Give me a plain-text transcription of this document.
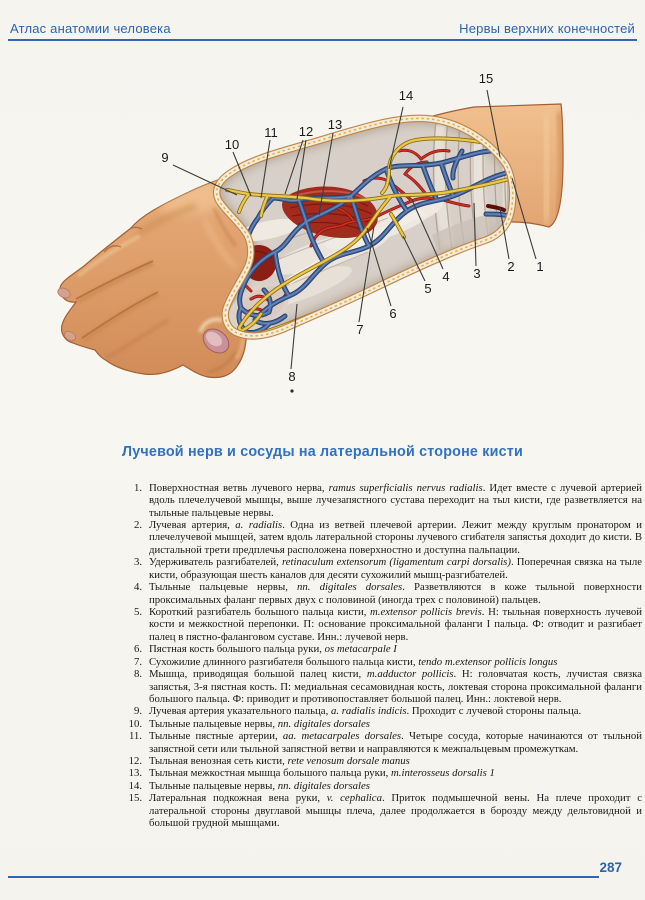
Атлас анатомии человека	Нервы верхних конечностей
1
2
3
4
5
6
7
8
9
10
11 12 13
14
15
Лучевой нерв и сосуды на латеральной стороне кисти
1. Поверхностная ветвь лучевого нерва, ramus superficialis nervus radialis. Идет вместе с лучевой артерией вдоль плечелучевой мышцы, выше лучезапястного сустава переходит на тыл кисти, где разветвляется на тыльные пальцевые нервы.
2. Лучевая артерия, a. radialis. Одна из ветвей плечевой артерии. Лежит между круглым пронатором и плечелучевой мышцей, затем вдоль латеральной стороны лучевого сгибателя запястья доходит до кисти. В дистальной трети предплечья расположена поверхностно и доступна пальпации.
3. Удерживатель разгибателей, retinaculum extensorum (ligamentum carpi dorsalis). Поперечная связка на тыле кисти, образующая шесть каналов для десяти сухожилий мышц-разгибателей.
4. Тыльные пальцевые нервы, nn. digitales dorsales. Разветвляются в коже тыльной поверхности проксимальных фаланг первых двух с половиной (иногда трех с половиной) пальцев.
5. Короткий разгибатель большого пальца кисти, m.extensor pollicis brevis. Н: тыльная поверхность лучевой кости и межкостной перепонки. П: основание проксимальной фаланги I пальца. Ф: отводит и разгибает палец в пястно-фаланговом суставе. Инн.: лучевой нерв.
6. Пястная кость большого пальца руки, os metacarpale I
7. Сухожилие длинного разгибателя большого пальца кисти, tendo m.extensor pollicis longus
8. Мышца, приводящая большой палец кисти, m.adductor pollicis. Н: головчатая кость, лучистая связка запястья, 3-я пястная кость. П: медиальная сесамовидная кость, локтевая сторона проксимальной фаланги большого пальца. Ф: приводит и противопоставляет большой палец. Инн.: локтевой нерв.
9. Лучевая артерия указательного пальца, a. radialis indicis. Проходит с лучевой стороны пальца.
10. Тыльные пальцевые нервы, nn. digitales dorsales
11. Тыльные пястные артерии, aa. metacarpales dorsales. Четыре сосуда, которые начинаются от тыльной запястной сети или тыльной запястной ветви и направляются к межпальцевым промежуткам.
12. Тыльная венозная сеть кисти, rete venosum dorsale manus
13. Тыльная межкостная мышца большого пальца руки, m.interosseus dorsalis 1
14. Тыльные пальцевые нервы, nn. digitales dorsales
15. Латеральная подкожная вена руки, v. cephalica. Приток подмышечной вены. На плече проходит с латеральной стороны двуглавой мышцы плеча, далее продолжается в борозду между дельтовидной и большой грудной мышцами.
287
